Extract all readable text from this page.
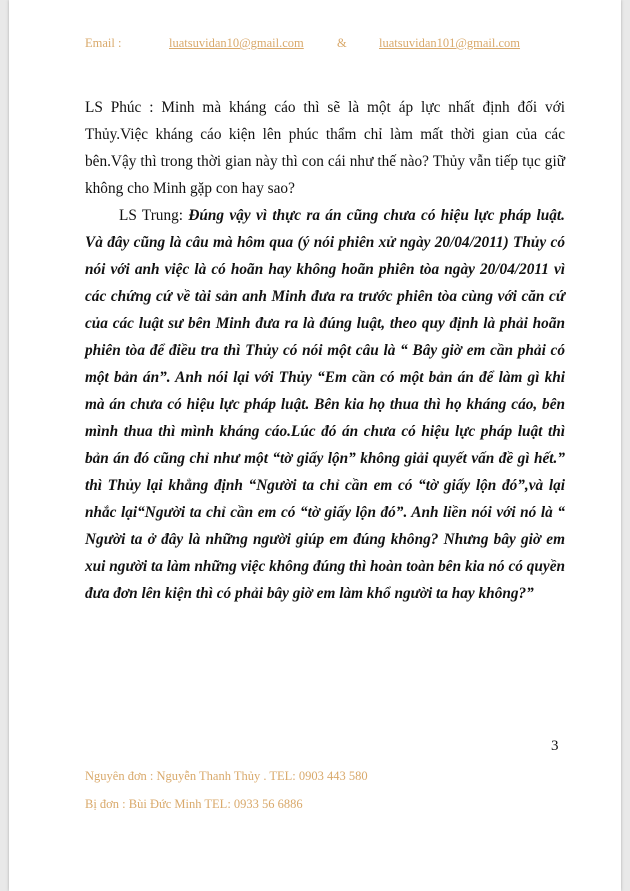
Email :	luatsuvidan10@gmail.com	&	luatsuvidan101@gmail.com

LS Phúc : Minh mà kháng cáo thì sẽ là một áp lực nhất định đối với Thủy.Việc kháng cáo kiện lên phúc thẩm chỉ làm mất thời gian của các bên.Vậy thì trong thời gian này thì con cái như thế nào? Thủy vẫn tiếp tục giữ không cho Minh gặp con hay sao?

LS Trung: Đúng vậy vì thực ra án cũng chưa có hiệu lực pháp luật. Và đây cũng là câu mà hôm qua (ý nói phiên xử ngày 20/04/2011) Thủy có nói với anh việc là có hoãn hay không hoãn phiên tòa ngày 20/04/2011 vì các chứng cứ về tài sản anh Minh đưa ra trước phiên tòa cùng với căn cứ của các luật sư bên Minh đưa ra là đúng luật, theo quy định là phải hoãn phiên tòa để điều tra thì Thủy có nói một câu là “ Bây giờ em cần phải có một bản án”. Anh nói lại với Thủy “Em cần có một bản án để làm gì khi mà án chưa có hiệu lực pháp luật. Bên kia họ thua thì họ kháng cáo, bên mình thua thì mình kháng cáo.Lúc đó án chưa có hiệu lực pháp luật thì bản án đó cũng chỉ như một “tờ giấy lộn” không giải quyết vấn đề gì hết.” thì Thủy lại khẳng định “Người ta chỉ cần em có “tờ giấy lộn đó”,và lại nhắc lại“Người ta chỉ cần em có “tờ giấy lộn đó”. Anh liền nói với nó là “ Người ta ở đây là những người giúp em đúng không? Nhưng bây giờ em xui người ta làm những việc không đúng thì hoàn toàn bên kia nó có quyền đưa đơn lên kiện thì có phải bây giờ em làm khổ người ta hay không?”

3
Nguyên đơn : Nguyễn Thanh Thủy . TEL: 0903 443 580
Bị đơn : Bùi Đức Minh TEL: 0933 56 6886
